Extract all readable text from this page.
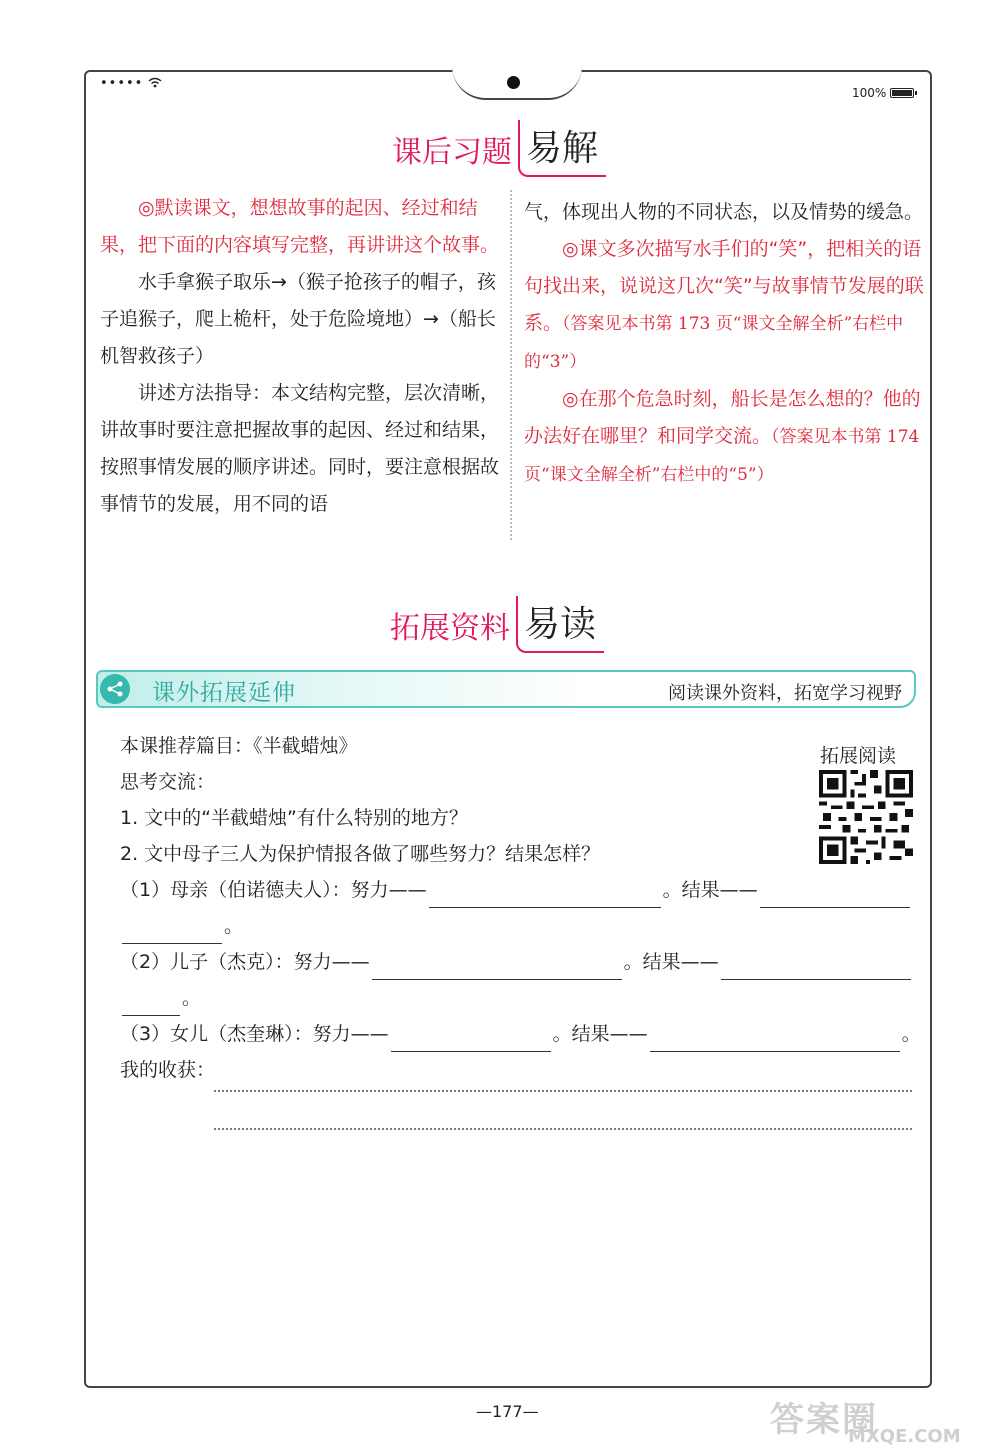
•••••
100%
课后习题 易解

◎默读课文，想想故事的起因、经过和结果，把下面的内容填写完整，再讲讲这个故事。

水手拿猴子取乐→（猴子抢孩子的帽子，孩子追猴子，爬上桅杆，处于危险境地）→（船长机智救孩子）

讲述方法指导：本文结构完整，层次清晰，讲故事时要注意把握故事的起因、经过和结果，按照事情发展的顺序讲述。同时，要注意根据故事情节的发展，用不同的语

气，体现出人物的不同状态，以及情势的缓急。

◎课文多次描写水手们的“笑”，把相关的语句找出来，说说这几次“笑”与故事情节发展的联系。（答案见本书第 173 页“课文全解全析”右栏中的“3”）

◎在那个危急时刻，船长是怎么想的？他的办法好在哪里？和同学交流。（答案见本书第 174 页“课文全解全析”右栏中的“5”）

拓展资料 易读
课外拓展延伸	阅读课外资料，拓宽学习视野
本课推荐篇目：《半截蜡烛》
思考交流：
1. 文中的“半截蜡烛”有什么特别的地方？
2. 文中母子三人为保护情报各做了哪些努力？结果怎样？
（1）母亲（伯诺德夫人）：努力——	。结果——
。
（2）儿子（杰克）：努力——	。结果——
。
（3）女儿（杰奎琳）：努力——	。结果——	。
我的收获：
拓展阅读
—177—	答案圈
MXQE.COM
